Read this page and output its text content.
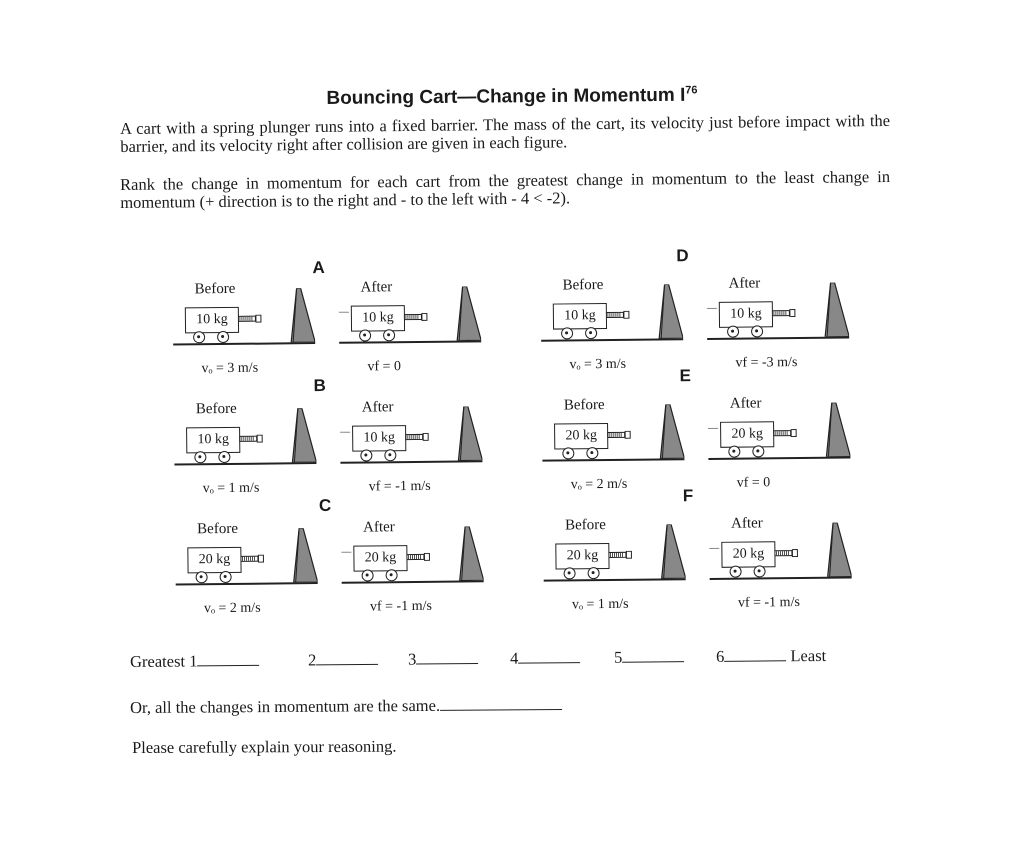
Bouncing Cart—Change in Momentum $I^{76}$
A cart with a spring plunger runs into a fixed barrier. The mass of the cart, its velocity just before impact with the barrier, and its velocity right after collision are given in each figure.
Rank the change in momentum for each cart from the greatest change in momentum to the least change in momentum (+ direction is to the right and - to the left with - 4 < -2).
A
Before
10 kg
vₒ = 3 m/s
After
10 kg
vf = 0
B
Before
10 kg
vₒ = 1 m/s
After
10 kg
vf = -1 m/s
C
Before
20 kg
vₒ = 2 m/s
After
20 kg
vf = -1 m/s
D
Before
10 kg
vₒ = 3 m/s
After
10 kg
vf = -3 m/s
E
Before
20 kg
vₒ = 2 m/s
After
20 kg
vf = 0
F
Before
20 kg
vₒ = 1 m/s
After
20 kg
vf = -1 m/s
Greatest 1	2	3	4	5	6	Least
Or, all the changes in momentum are the same.
Please carefully explain your reasoning.
